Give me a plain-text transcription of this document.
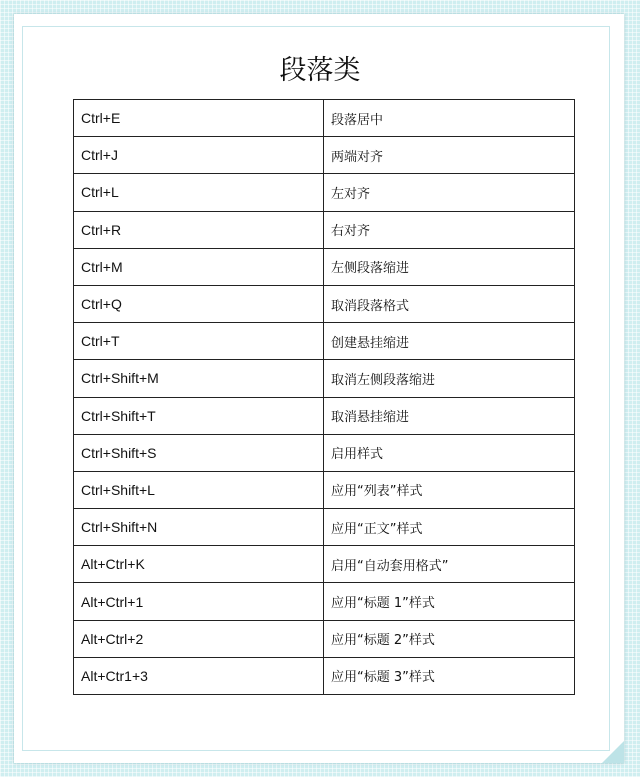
段落类
Ctrl+E	段落居中
Ctrl+J	两端对齐
Ctrl+L	左对齐
Ctrl+R	右对齐
Ctrl+M	左侧段落缩进
Ctrl+Q	取消段落格式
Ctrl+T	创建悬挂缩进
Ctrl+Shift+M	取消左侧段落缩进
Ctrl+Shift+T	取消悬挂缩进
Ctrl+Shift+S	启用样式
Ctrl+Shift+L	应用“列表”样式
Ctrl+Shift+N	应用“正文”样式
Alt+Ctrl+K	启用“自动套用格式”
Alt+Ctrl+1	应用“标题 1”样式
Alt+Ctrl+2	应用“标题 2”样式
Alt+Ctr1+3	应用“标题 3”样式
